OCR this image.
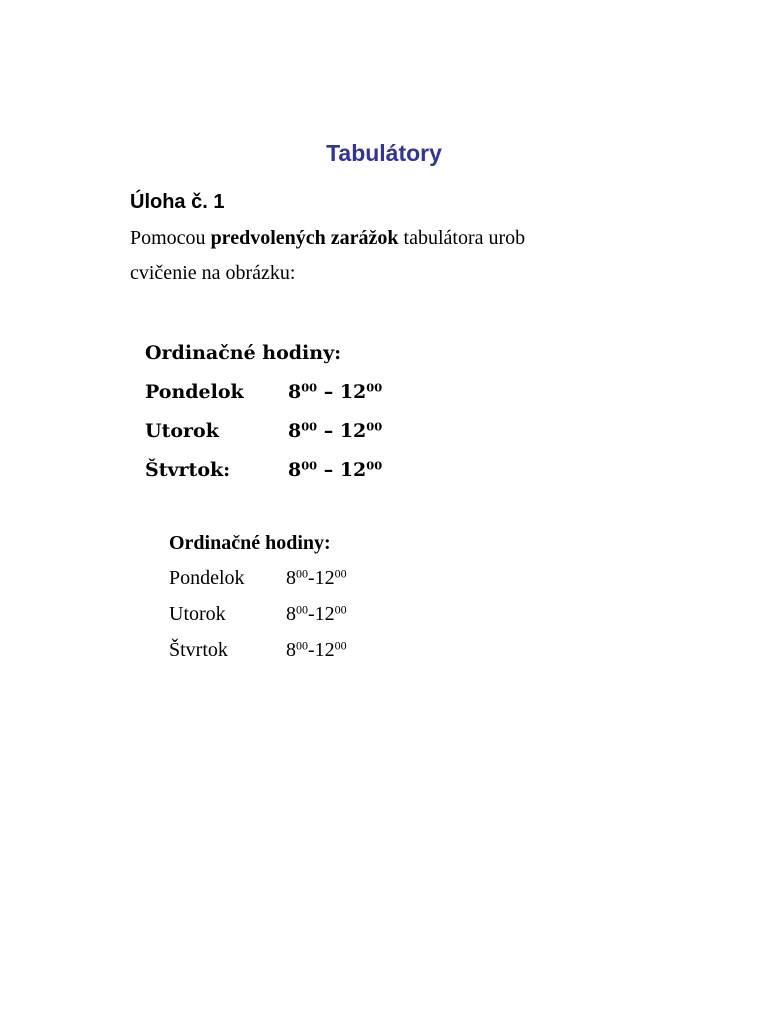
Tabulátory
Úloha č. 1
Pomocou predvolených zarážok tabulátora urob
cvičenie na obrázku:
Ordinačné hodiny:
Pondelok $8^{00} - 12^{00}$
Utorok	$8^{00} - 12^{00}$
Štvrtok:	$8^{00} - 12^{00}$
Ordinačné hodiny:
Pondelok $8^{00}-12^{00}$
Utorok	$8^{00}-12^{00}$
Štvrtok	$8^{00}-12^{00}$
